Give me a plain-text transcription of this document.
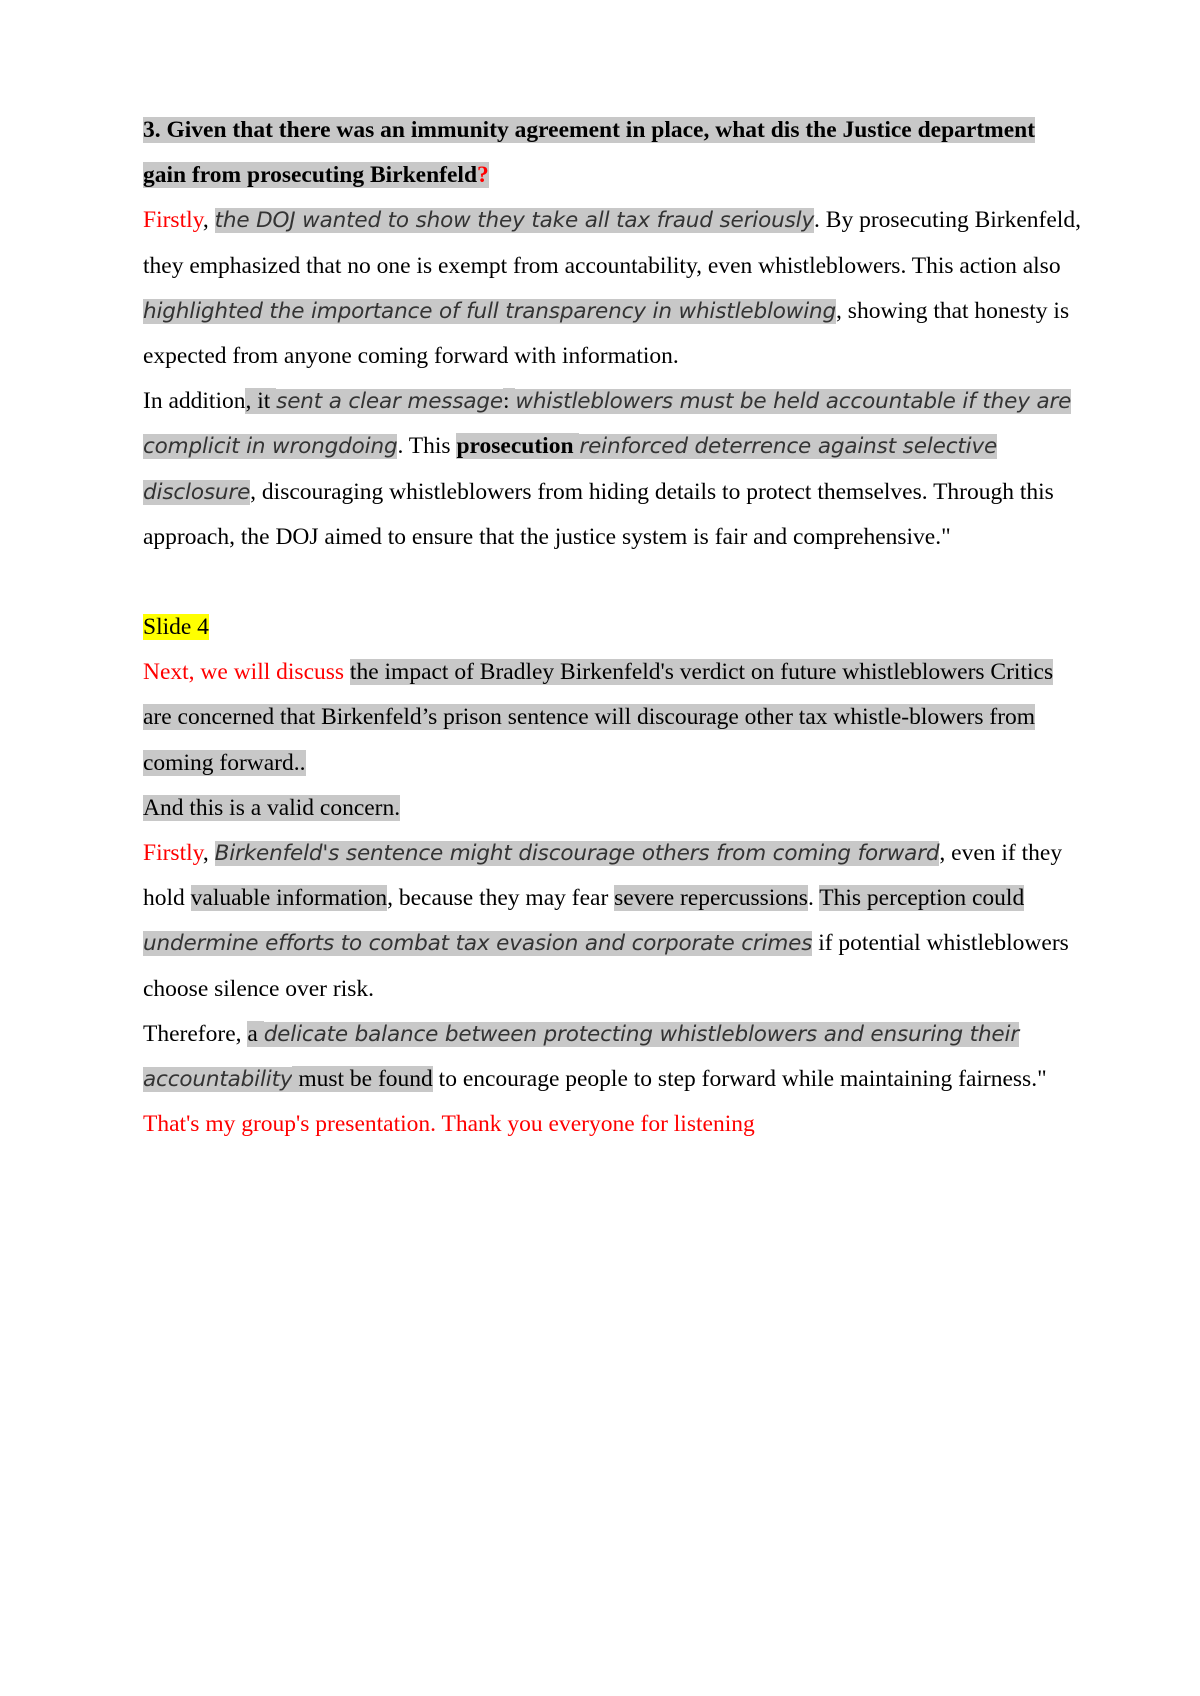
3. Given that there was an immunity agreement in place, what dis the Justice department gain from prosecuting Birkenfeld?

Firstly, the DOJ wanted to show they take all tax fraud seriously. By prosecuting Birkenfeld, they emphasized that no one is exempt from accountability, even whistleblowers. This action also highlighted the importance of full transparency in whistleblowing, showing that honesty is expected from anyone coming forward with information.

In addition, it sent a clear message: whistleblowers must be held accountable if they are complicit in wrongdoing. This prosecution reinforced deterrence against selective disclosure, discouraging whistleblowers from hiding details to protect themselves. Through this approach, the DOJ aimed to ensure that the justice system is fair and comprehensive."

Slide 4

Next, we will discuss the impact of Bradley Birkenfeld's verdict on future whistleblowers Critics are concerned that Birkenfeld’s prison sentence will discourage other tax whistle-blowers from coming forward..

And this is a valid concern.

Firstly, Birkenfeld's sentence might discourage others from coming forward, even if they hold valuable information, because they may fear severe repercussions. This perception could undermine efforts to combat tax evasion and corporate crimes if potential whistleblowers choose silence over risk.

Therefore, a delicate balance between protecting whistleblowers and ensuring their accountability must be found to encourage people to step forward while maintaining fairness."

That's my group's presentation. Thank you everyone for listening
